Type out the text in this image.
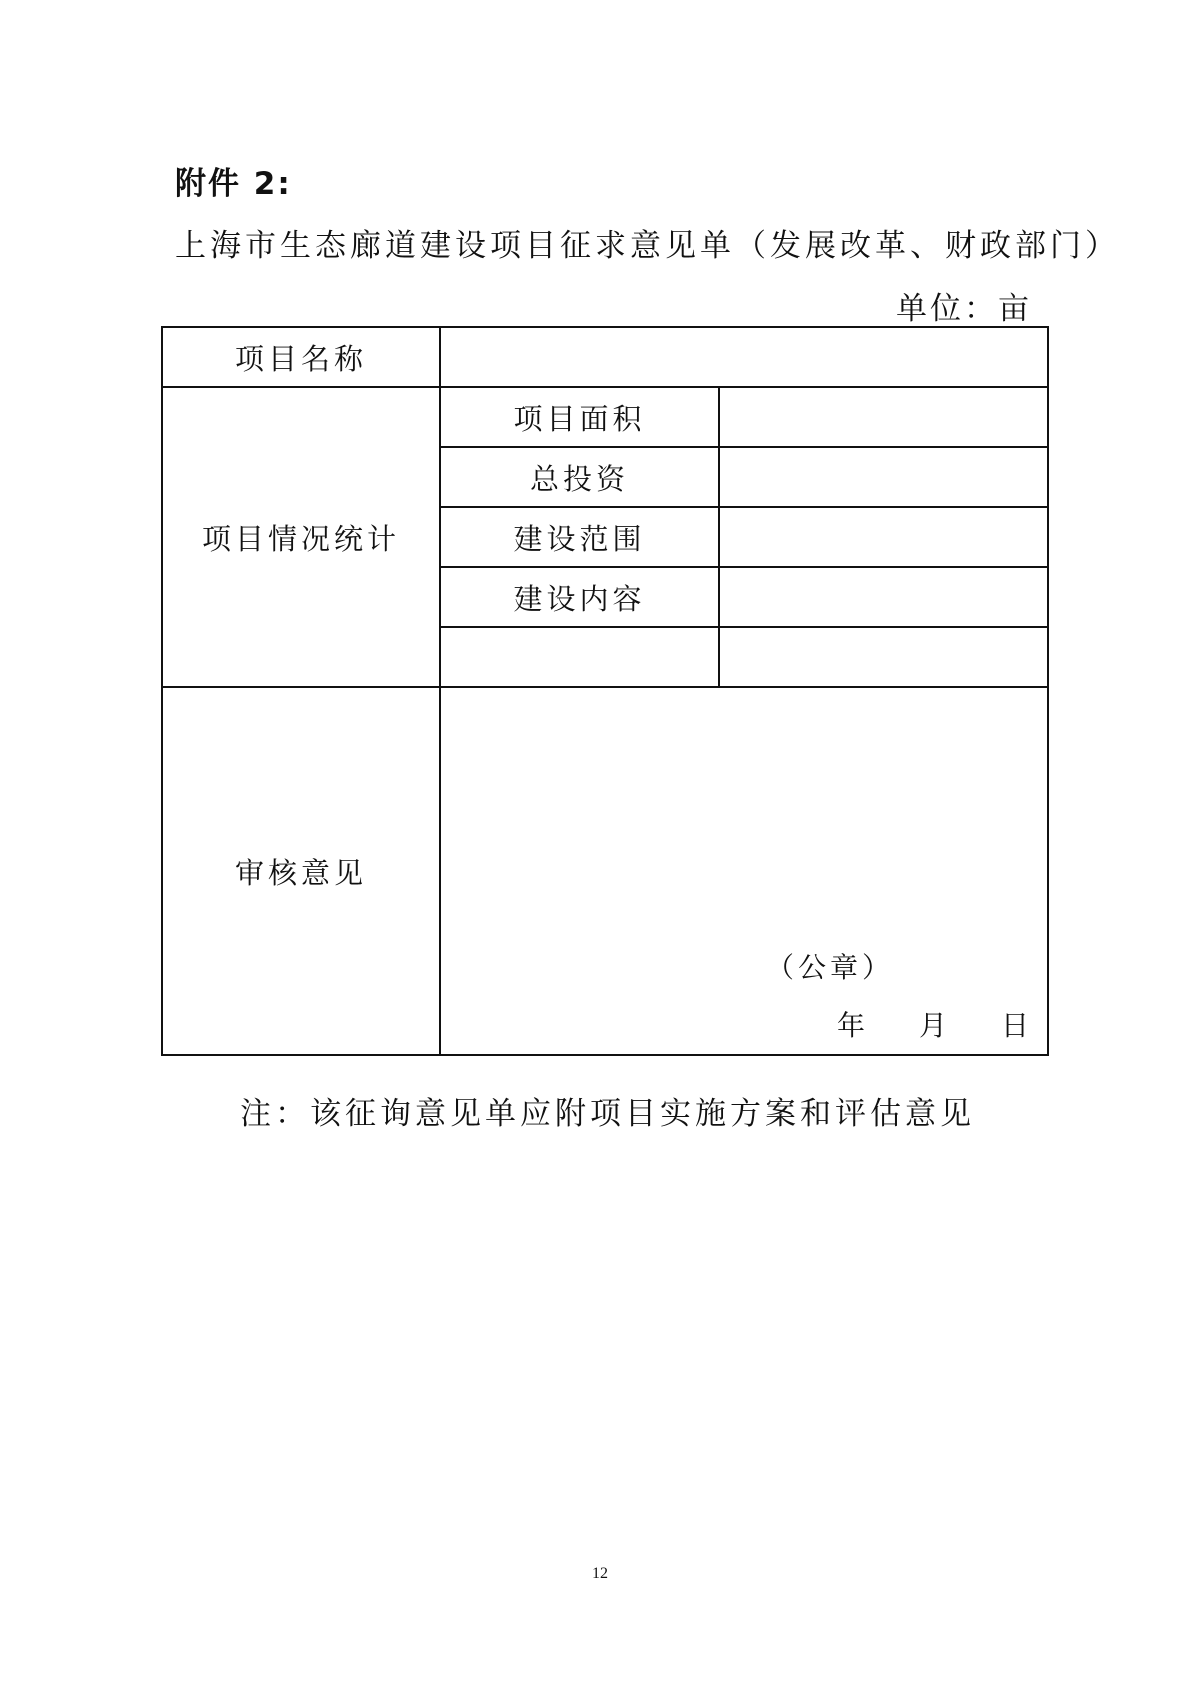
附件 2:
上海市生态廊道建设项目征求意见单（发展改革、财政部门）
单位：亩
项目名称		
项目情况统计	项目面积	
	总投资	
	建设范围	
	建设内容	

审核意见	（公章）
年 月 日	
注：该征询意见单应附项目实施方案和评估意见
12
